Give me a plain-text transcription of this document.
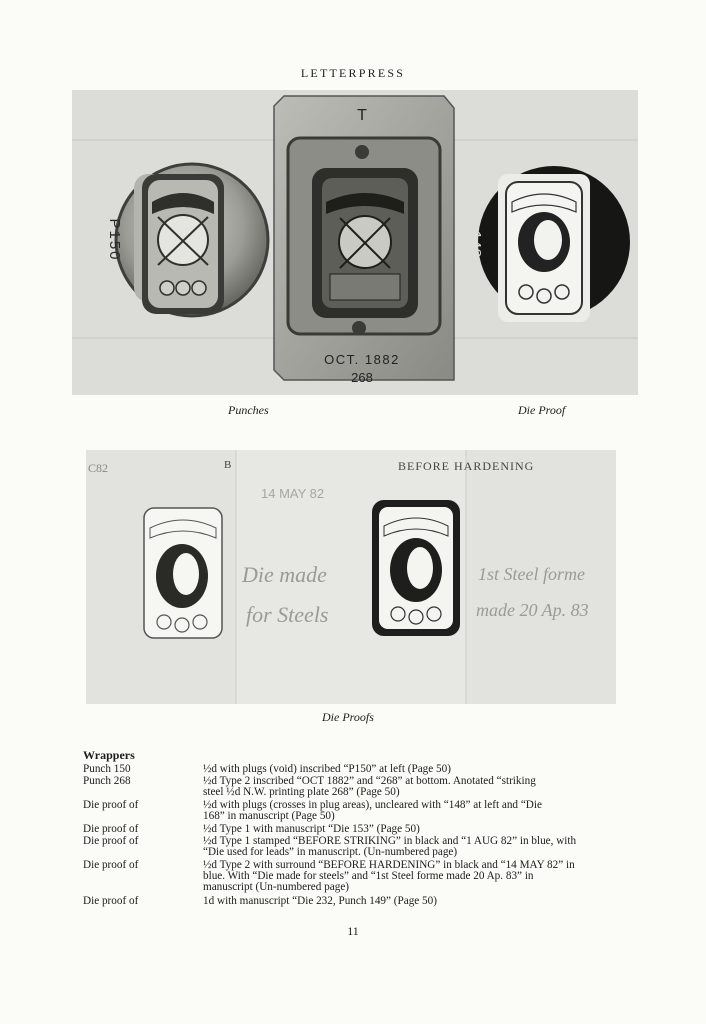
LETTERPRESS
P150
T
OCT. 1882
268
148
Punches	Die Proof
C82	B
14 MAY 82
BEFORE HARDENING
Die made
for Steels
1st Steel forme
made 20 Ap. 83
Die Proofs
Wrappers
Punch 150	½d with plugs (void) inscribed “P150” at left (Page 50)
Punch 268	½d Type 2 inscribed “OCT 1882” and “268” at bottom. Anotated “striking
steel ½d N.W. printing plate 268” (Page 50)
Die proof of	½d with plugs (crosses in plug areas), uncleared with “148” at left and “Die
168” in manuscript (Page 50)
Die proof of	½d Type 1 with manuscript “Die 153” (Page 50)
Die proof of	½d Type 1 stamped “BEFORE STRIKING” in black and “1 AUG 82” in blue, with
“Die used for leads” in manuscript. (Un-numbered page)
Die proof of	½d Type 2 with surround “BEFORE HARDENING” in black and “14 MAY 82” in
blue. With “Die made for steels” and “1st Steel forme made 20 Ap. 83” in
manuscript (Un-numbered page)
Die proof of	1d with manuscript “Die 232, Punch 149” (Page 50)
11
